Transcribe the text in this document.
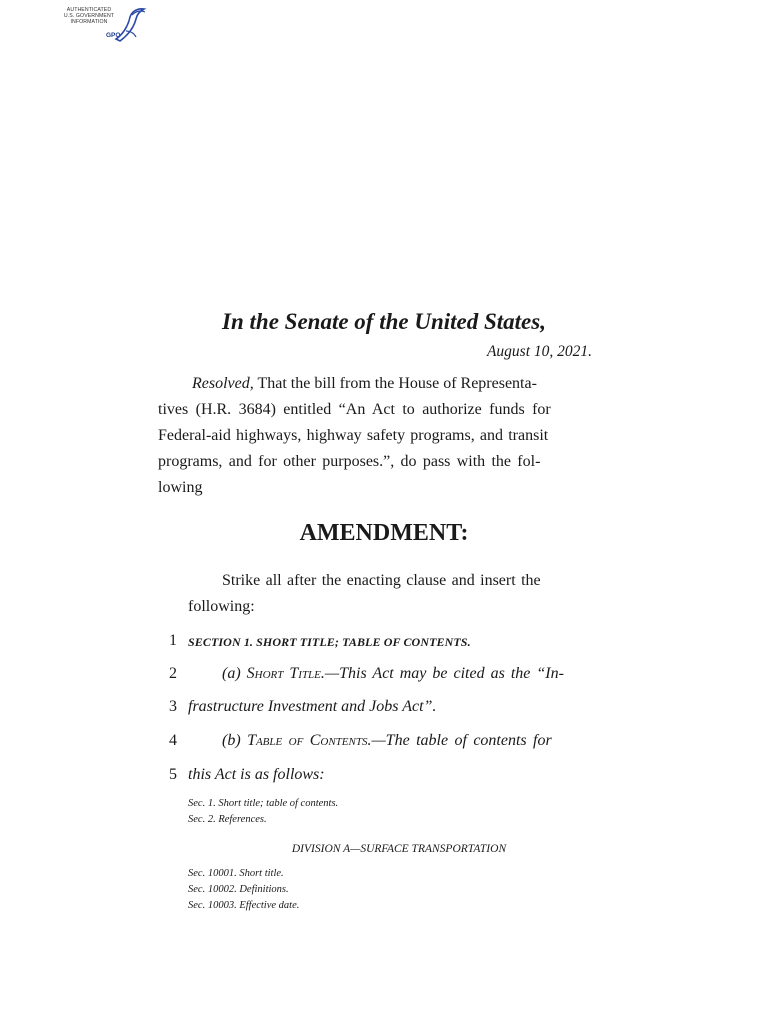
AUTHENTICATED
U.S. GOVERNMENT
INFORMATION
GPO
In the Senate of the United States,
August 10, 2021.
Resolved, That the bill from the House of Representa-
tives (H.R. 3684) entitled “An Act to authorize funds for
Federal-aid highways, highway safety programs, and transit
programs, and for other purposes.”, do pass with the fol-
lowing
AMENDMENT:
Strike all after the enacting clause and insert the
following:
1 SECTION 1. SHORT TITLE; TABLE OF CONTENTS.
2	(a) Short Title.—This Act may be cited as the “In-
3 frastructure Investment and Jobs Act”.
4	(b) Table of Contents.—The table of contents for
5 this Act is as follows:
Sec. 1. Short title; table of contents.
Sec. 2. References.
DIVISION A—SURFACE TRANSPORTATION
Sec. 10001. Short title.
Sec. 10002. Definitions.
Sec. 10003. Effective date.
